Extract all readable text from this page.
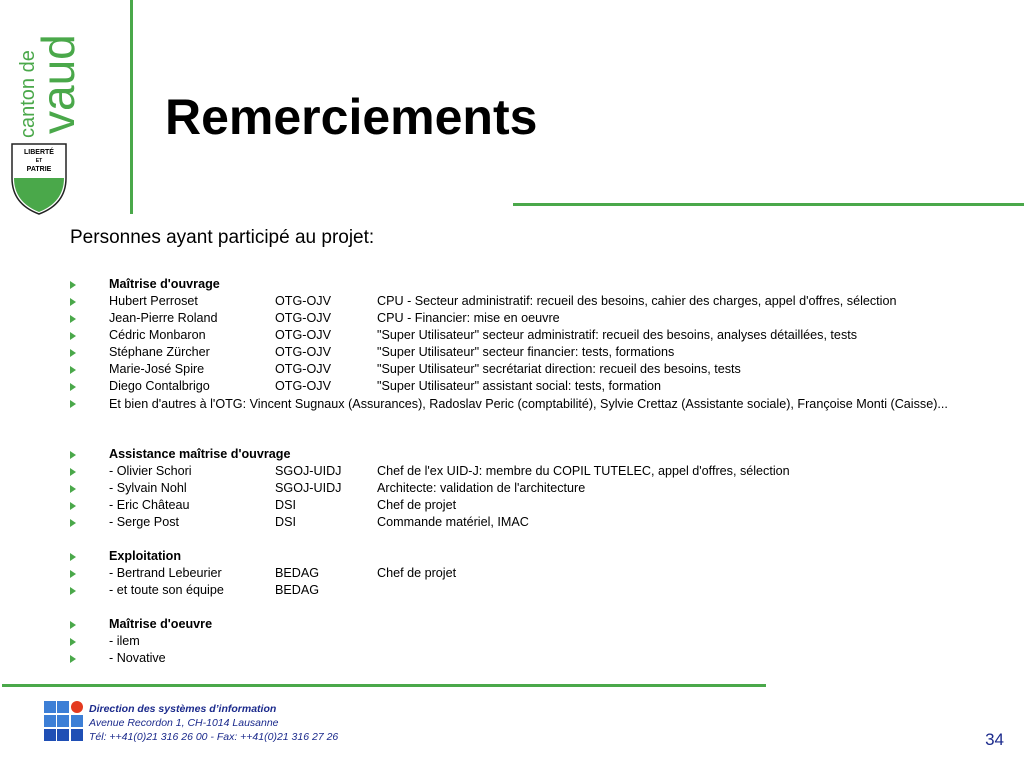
canton de
vaud
LIBERTÉ
ET
PATRIE
Remerciements
Personnes ayant participé au projet:
Maîtrise d'ouvrage
Hubert Perroset	OTG-OJV	CPU - Secteur administratif: recueil des besoins, cahier des charges, appel d'offres, sélection
Jean-Pierre Roland	OTG-OJV	CPU - Financier: mise en oeuvre
Cédric Monbaron	OTG-OJV	"Super Utilisateur" secteur administratif: recueil des besoins, analyses détaillées, tests
Stéphane Zürcher	OTG-OJV	"Super Utilisateur" secteur financier: tests, formations
Marie-José Spire	OTG-OJV	"Super Utilisateur" secrétariat direction: recueil des besoins, tests
Diego Contalbrigo	OTG-OJV	"Super Utilisateur" assistant social: tests, formation
Et bien d'autres à l'OTG: Vincent Sugnaux (Assurances), Radoslav Peric (comptabilité), Sylvie Crettaz (Assistante sociale), Françoise Monti (Caisse)...
Assistance maîtrise d'ouvrage
- Olivier Schori	SGOJ-UIDJ	Chef de l'ex UID-J: membre du COPIL TUTELEC, appel d'offres, sélection
- Sylvain Nohl	SGOJ-UIDJ	Architecte: validation de l'architecture
- Eric Château	DSI	Chef de projet
- Serge Post	DSI	Commande matériel, IMAC
Exploitation
- Bertrand Lebeurier	BEDAG	Chef de projet
- et toute son équipe	BEDAG
Maîtrise d'oeuvre
- ilem
- Novative
Direction des systèmes d’information
Avenue Recordon 1, CH-1014 Lausanne
Tél: ++41(0)21 316 26 00 - Fax: ++41(0)21 316 27 26	34
